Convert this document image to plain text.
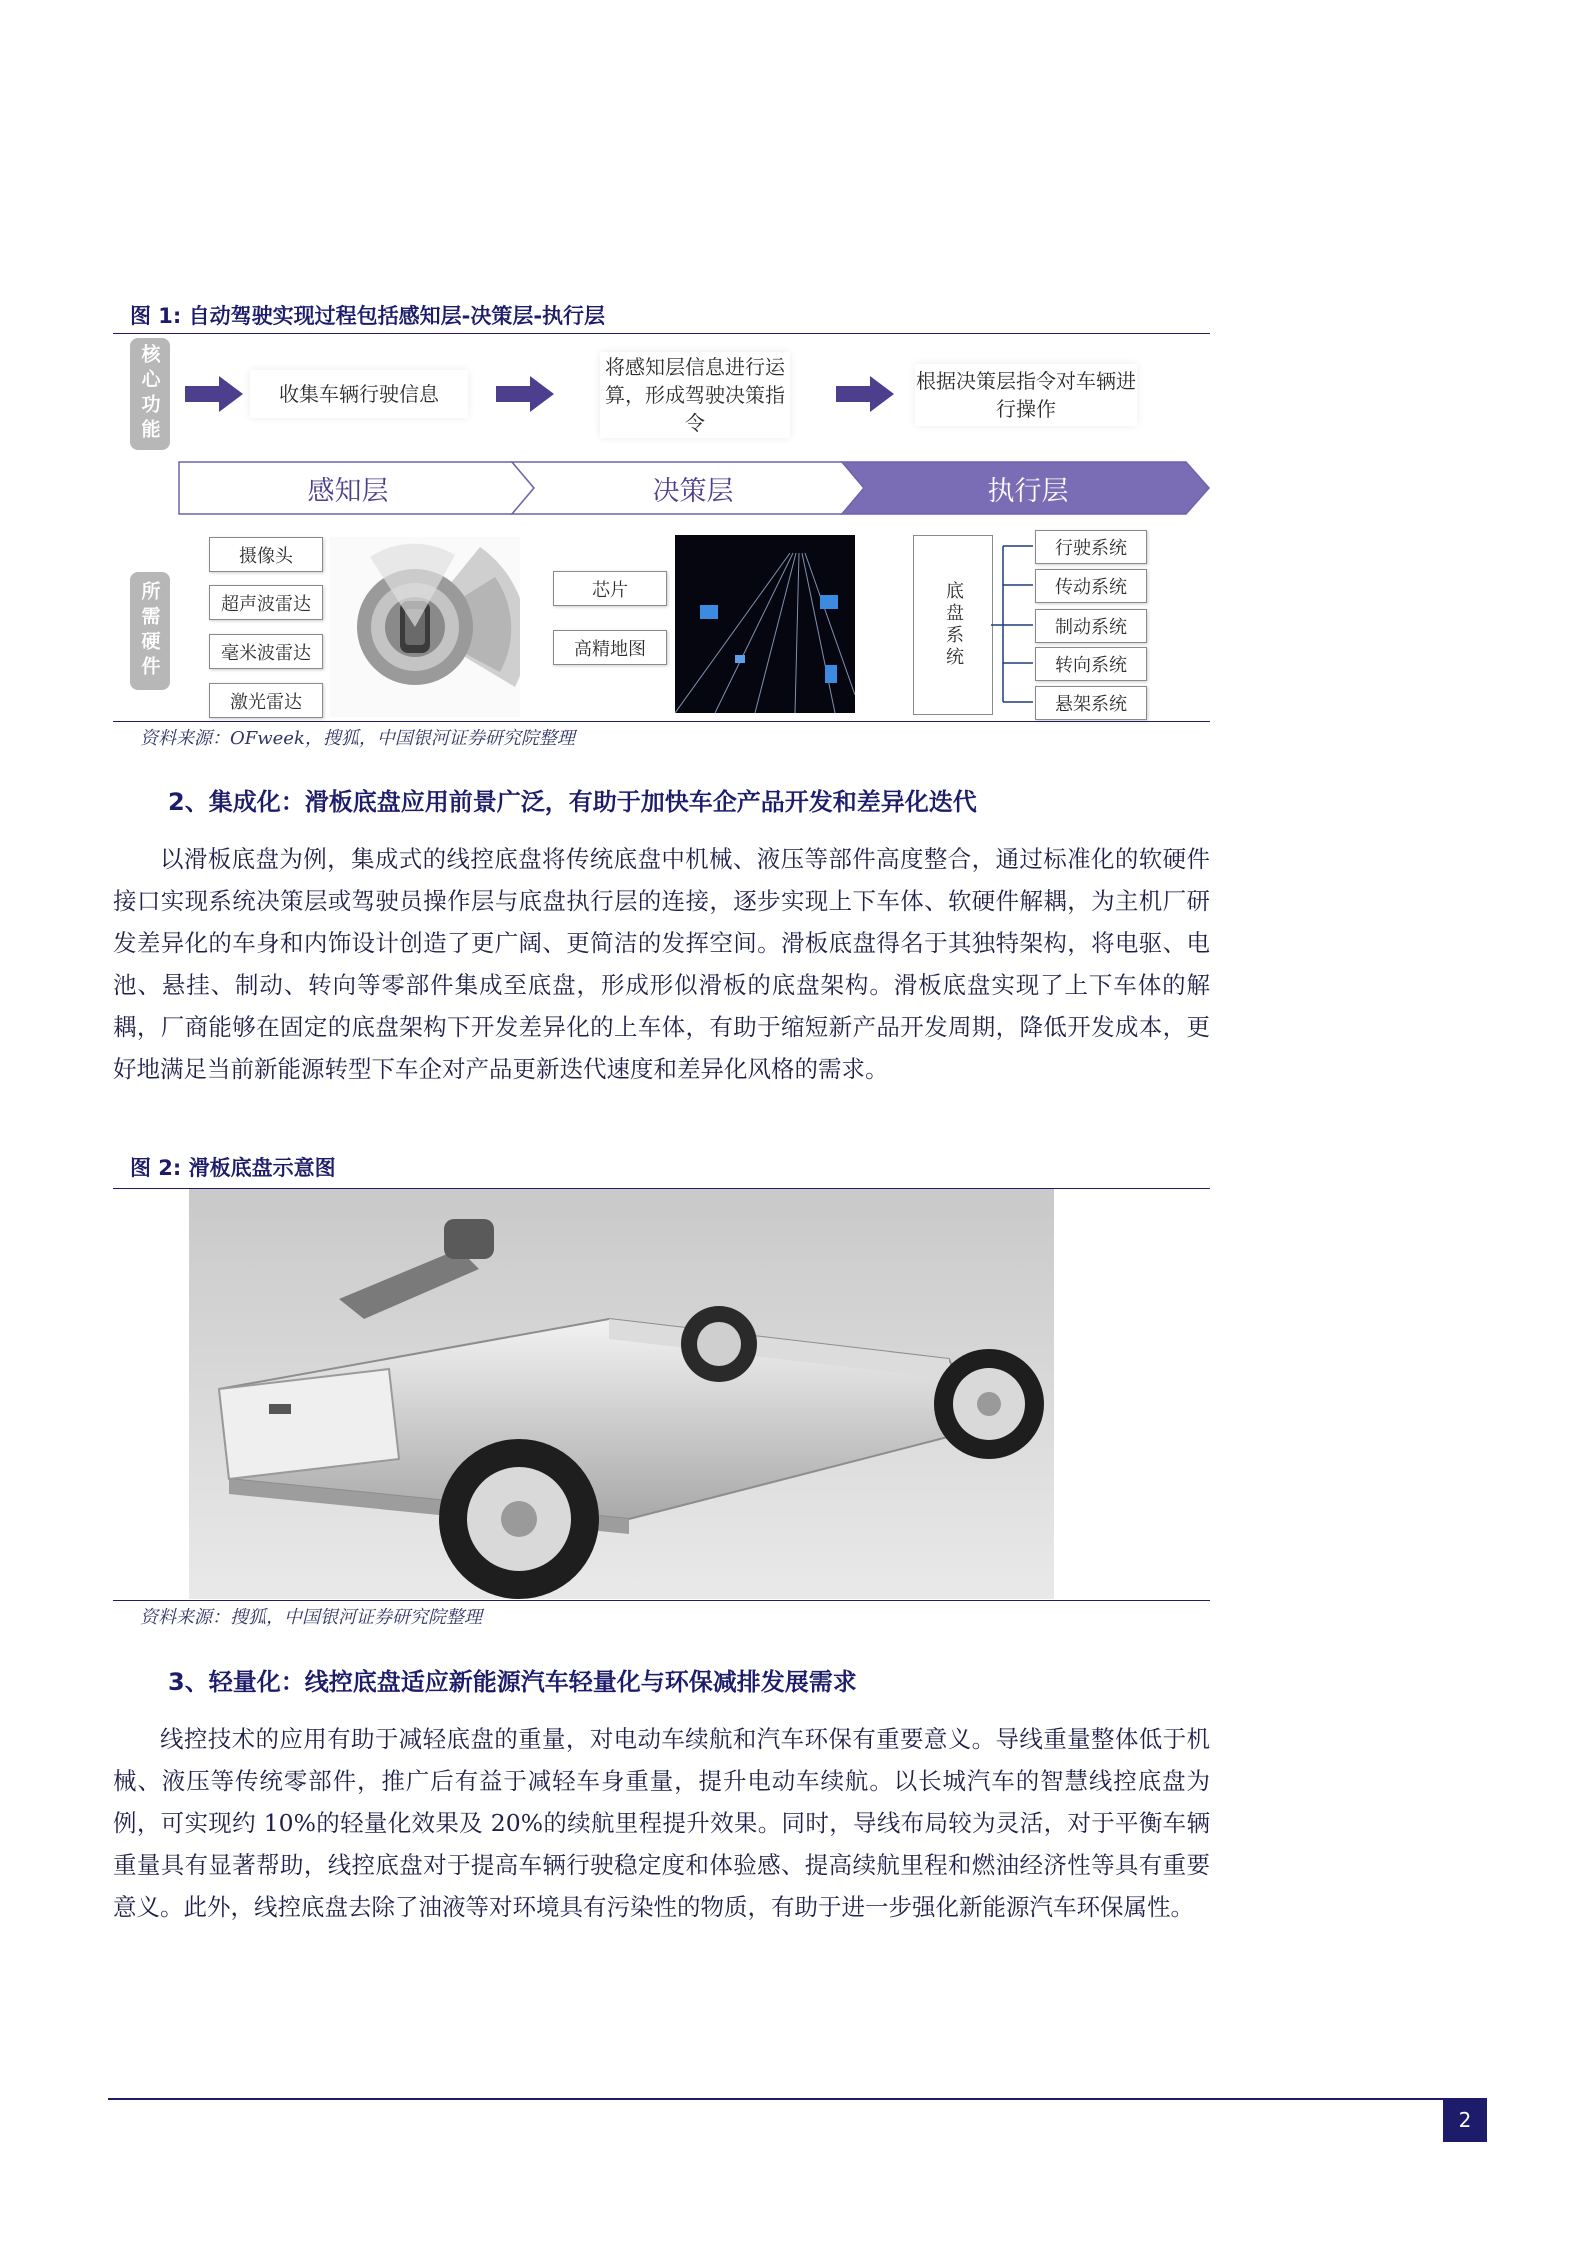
图 1: 自动驾驶实现过程包括感知层-决策层-执行层
核心功能
所需硬件
收集车辆行驶信息
将感知层信息进行运算，形成驾驶决策指令
根据决策层指令对车辆进行操作
感知层	决策层	执行层
摄像头
超声波雷达
毫米波雷达
激光雷达
芯片
高精地图	底盘系统
行驶系统
传动系统
制动系统
转向系统
悬架系统
资料来源：OFweek，搜狐，中国银河证券研究院整理
2、集成化：滑板底盘应用前景广泛，有助于加快车企产品开发和差异化迭代

以滑板底盘为例，集成式的线控底盘将传统底盘中机械、液压等部件高度整合，通过标准化的软硬件接口实现系统决策层或驾驶员操作层与底盘执行层的连接，逐步实现上下车体、软硬件解耦，为主机厂研发差异化的车身和内饰设计创造了更广阔、更简洁的发挥空间。滑板底盘得名于其独特架构，将电驱、电池、悬挂、制动、转向等零部件集成至底盘，形成形似滑板的底盘架构。滑板底盘实现了上下车体的解耦，厂商能够在固定的底盘架构下开发差异化的上车体，有助于缩短新产品开发周期，降低开发成本，更好地满足当前新能源转型下车企对产品更新迭代速度和差异化风格的需求。

图 2: 滑板底盘示意图
资料来源：搜狐，中国银河证券研究院整理
3、轻量化：线控底盘适应新能源汽车轻量化与环保减排发展需求

线控技术的应用有助于减轻底盘的重量，对电动车续航和汽车环保有重要意义。导线重量整体低于机械、液压等传统零部件，推广后有益于减轻车身重量，提升电动车续航。以长城汽车的智慧线控底盘为例，可实现约 10%的轻量化效果及 20%的续航里程提升效果。同时，导线布局较为灵活，对于平衡车辆重量具有显著帮助，线控底盘对于提高车辆行驶稳定度和体验感、提高续航里程和燃油经济性等具有重要意义。此外，线控底盘去除了油液等对环境具有污染性的物质，有助于进一步强化新能源汽车环保属性。

2
